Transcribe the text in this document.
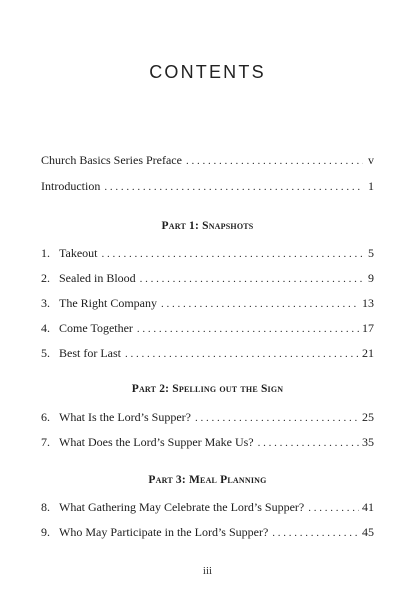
CONTENTS
Church Basics Series Preface . . .	v
Introduction . . .	1
Part 1: Snapshots
1. Takeout . . .	5
2. Sealed in Blood . . .	9
3. The Right Company . . .	13
4. Come Together . . .	17
5. Best for Last . . .	21
Part 2: Spelling out the Sign
6. What Is the Lord’s Supper? . . .	25
7. What Does the Lord’s Supper Make Us? . . .	35
Part 3: Meal Planning
8. What Gathering May Celebrate the Lord’s Supper? . . .	41
9. Who May Participate in the Lord’s Supper? . . .	45
iii
